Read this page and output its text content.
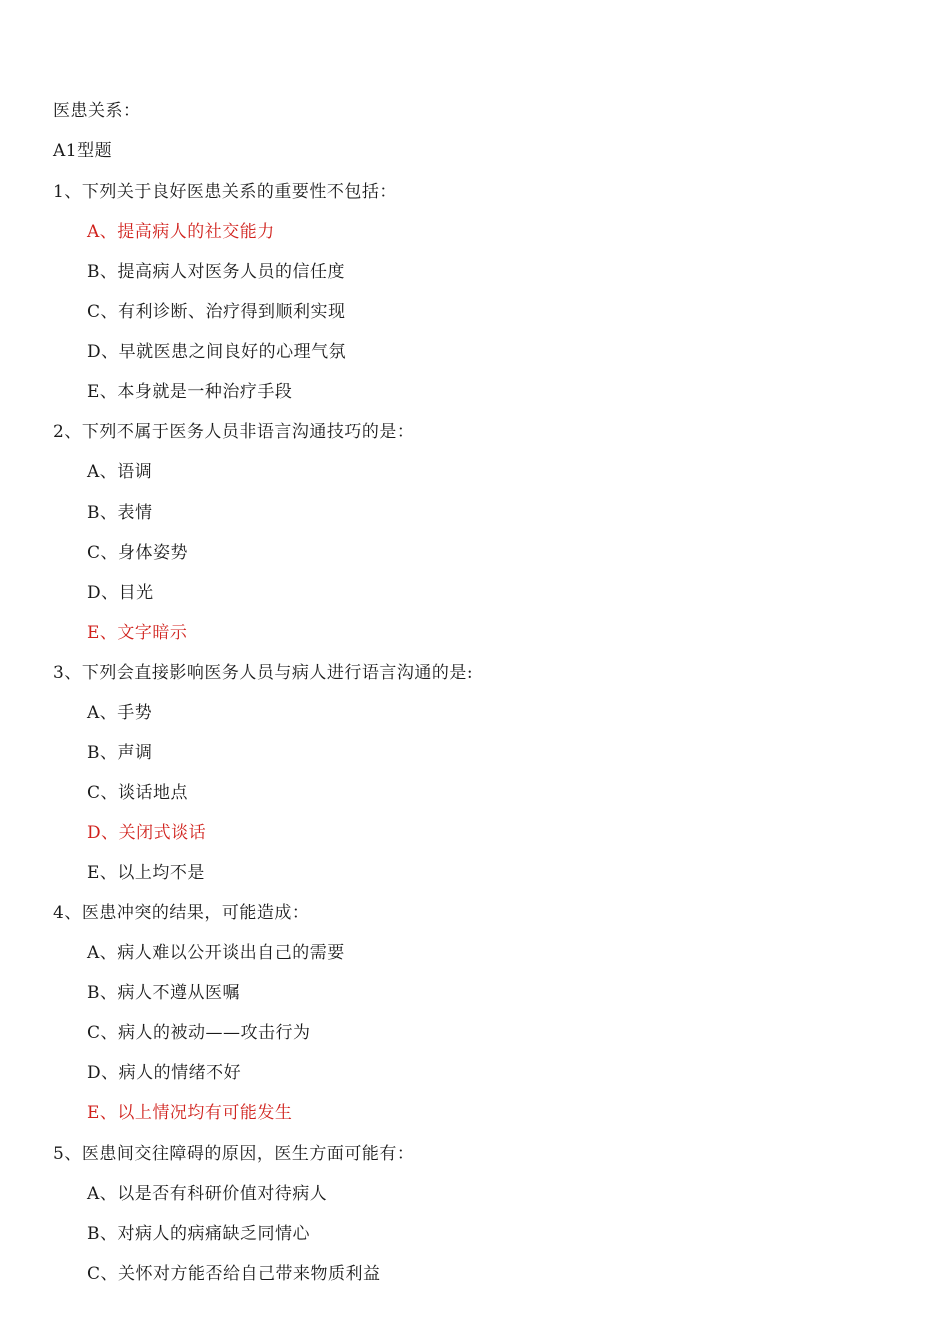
医患关系：
A1型题
1、下列关于良好医患关系的重要性不包括：
A、提高病人的社交能力
B、提高病人对医务人员的信任度
C、有利诊断、治疗得到顺利实现
D、早就医患之间良好的心理气氛
E、本身就是一种治疗手段
2、下列不属于医务人员非语言沟通技巧的是：
A、语调
B、表情
C、身体姿势
D、目光
E、文字暗示
3、下列会直接影响医务人员与病人进行语言沟通的是:
A、手势
B、声调
C、谈话地点
D、关闭式谈话
E、以上均不是
4、医患冲突的结果，可能造成：
A、病人难以公开谈出自己的需要
B、病人不遵从医嘱
C、病人的被动——攻击行为
D、病人的情绪不好
E、以上情况均有可能发生
5、医患间交往障碍的原因，医生方面可能有：
A、以是否有科研价值对待病人
B、对病人的病痛缺乏同情心
C、关怀对方能否给自己带来物质利益
